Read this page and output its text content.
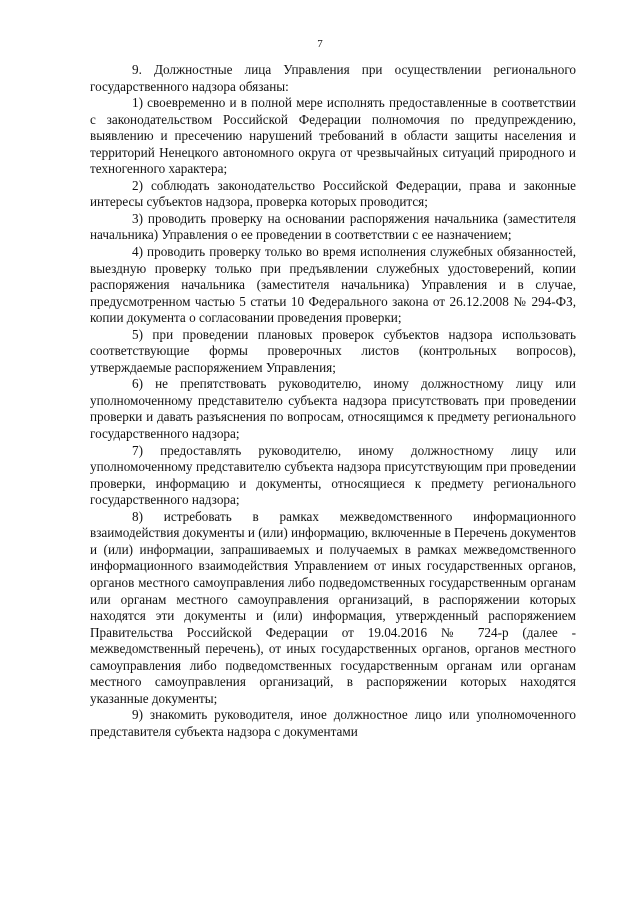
7

9. Должностные лица Управления при осуществлении регионального государственного надзора обязаны:

1) своевременно и в полной мере исполнять предоставленные в соответствии с законодательством Российской Федерации полномочия по предупреждению, выявлению и пресечению нарушений требований в области защиты населения и территорий Ненецкого автономного округа от чрезвычайных ситуаций природного и техногенного характера;

2) соблюдать законодательство Российской Федерации, права и законные интересы субъектов надзора, проверка которых проводится;

3) проводить проверку на основании распоряжения начальника (заместителя начальника) Управления о ее проведении в соответствии с ее назначением;

4) проводить проверку только во время исполнения служебных обязанностей, выездную проверку только при предъявлении служебных удостоверений, копии распоряжения начальника (заместителя начальника) Управления и в случае, предусмотренном частью 5 статьи 10 Федерального закона от 26.12.2008 № 294-ФЗ, копии документа о согласовании проведения проверки;

5) при проведении плановых проверок субъектов надзора использовать соответствующие формы проверочных листов (контрольных вопросов), утверждаемые распоряжением Управления;

6) не препятствовать руководителю, иному должностному лицу или уполномоченному представителю субъекта надзора присутствовать при проведении проверки и давать разъяснения по вопросам, относящимся к предмету регионального государственного надзора;

7) предоставлять руководителю, иному должностному лицу или уполномоченному представителю субъекта надзора присутствующим при проведении проверки, информацию и документы, относящиеся к предмету регионального государственного надзора;

8) истребовать в рамках межведомственного информационного взаимодействия документы и (или) информацию, включенные в Перечень документов и (или) информации, запрашиваемых и получаемых в рамках межведомственного информационного взаимодействия Управлением от иных государственных органов, органов местного самоуправления либо подведомственных государственным органам или органам местного самоуправления организаций, в распоряжении которых находятся эти документы и (или) информация, утвержденный распоряжением Правительства Российской Федерации от 19.04.2016 № 724-р (далее - межведомственный перечень), от иных государственных органов, органов местного самоуправления либо подведомственных государственным органам или органам местного самоуправления организаций, в распоряжении которых находятся указанные документы;

9) знакомить руководителя, иное должностное лицо или уполномоченного представителя субъекта надзора с документами
